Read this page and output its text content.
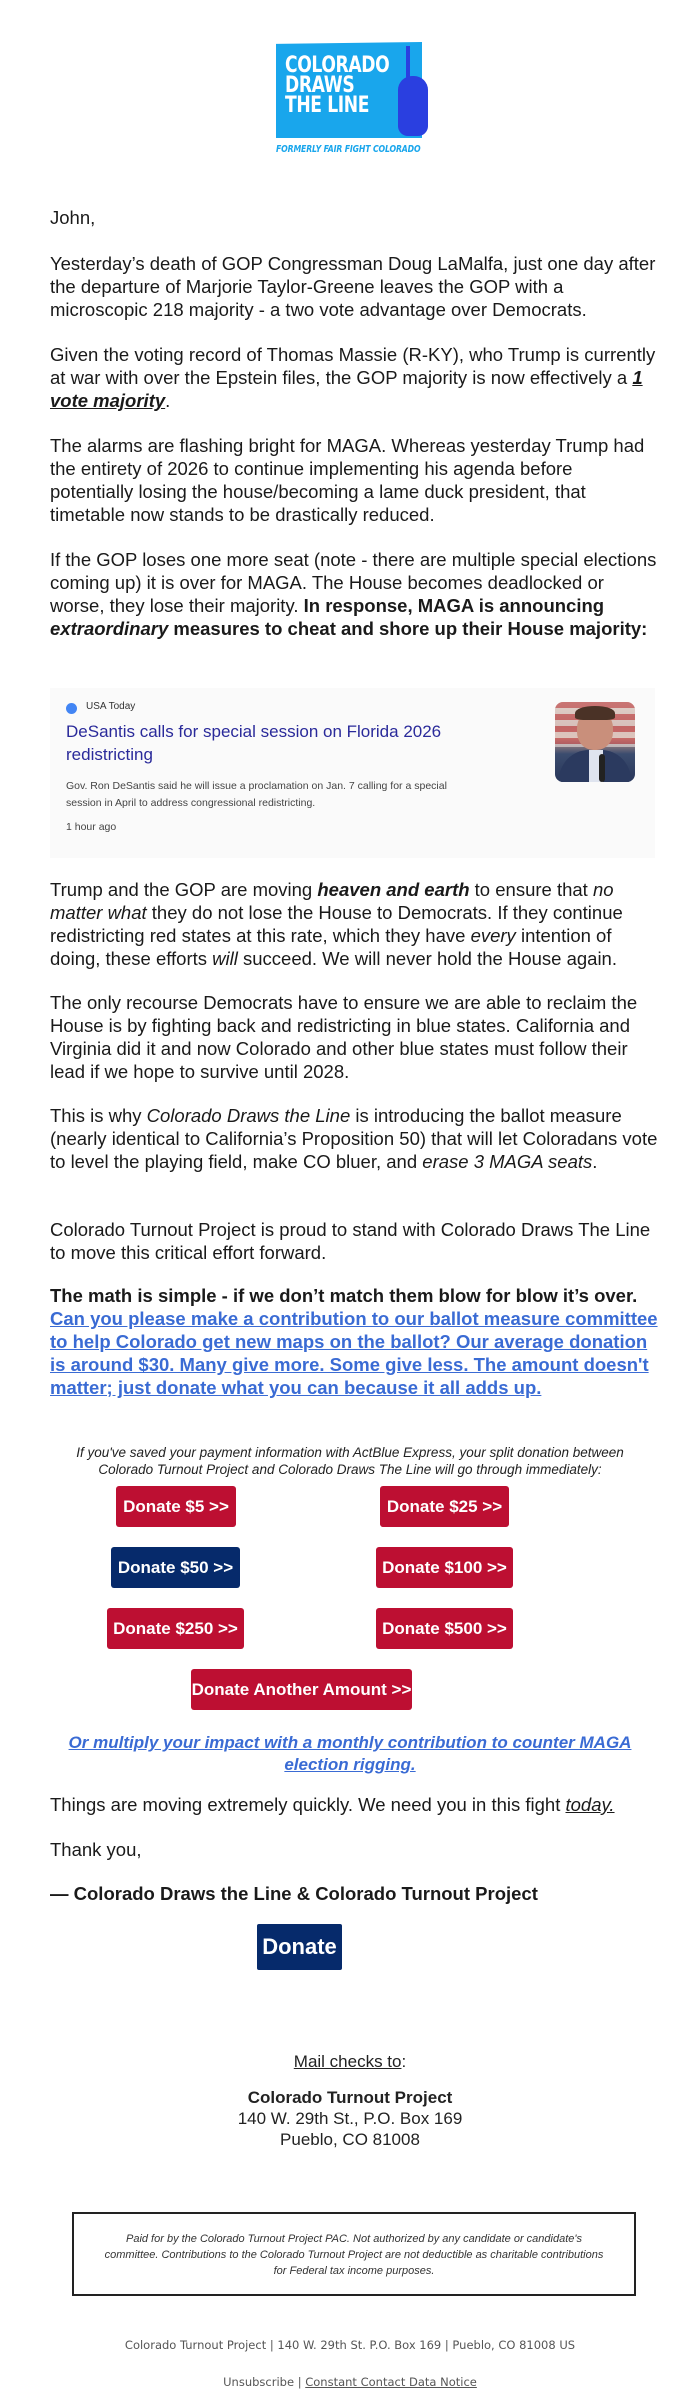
COLORADO
DRAWS
THE LINE
FORMERLY FAIR FIGHT COLORADO

John,

Yesterday’s death of GOP Congressman Doug LaMalfa, just one day after the departure of Marjorie Taylor-Greene leaves the GOP with a microscopic 218 majority - a two vote advantage over Democrats.

Given the voting record of Thomas Massie (R-KY), who Trump is currently at war with over the Epstein files, the GOP majority is now effectively a 1 vote majority.

The alarms are flashing bright for MAGA. Whereas yesterday Trump had the entirety of 2026 to continue implementing his agenda before potentially losing the house/becoming a lame duck president, that timetable now stands to be drastically reduced.

If the GOP loses one more seat (note - there are multiple special elections coming up) it is over for MAGA. The House becomes deadlocked or worse, they lose their majority. In response, MAGA is announcing extraordinary measures to cheat and shore up their House majority:

USA Today
DeSantis calls for special session on Florida 2026 redistricting
Gov. Ron DeSantis said he will issue a proclamation on Jan. 7 calling for a special session in April to address congressional redistricting.
1 hour ago

Trump and the GOP are moving heaven and earth to ensure that no matter what they do not lose the House to Democrats. If they continue redistricting red states at this rate, which they have every intention of doing, these efforts will succeed. We will never hold the House again.

The only recourse Democrats have to ensure we are able to reclaim the House is by fighting back and redistricting in blue states. California and Virginia did it and now Colorado and other blue states must follow their lead if we hope to survive until 2028.

This is why Colorado Draws the Line is introducing the ballot measure (nearly identical to California’s Proposition 50) that will let Coloradans vote to level the playing field, make CO bluer, and erase 3 MAGA seats.

Colorado Turnout Project is proud to stand with Colorado Draws The Line to move this critical effort forward.

The math is simple - if we don’t match them blow for blow it’s over. Can you please make a contribution to our ballot measure committee to help Colorado get new maps on the ballot? Our average donation is around $30. Many give more. Some give less. The amount doesn't matter; just donate what you can because it all adds up.

If you've saved your payment information with ActBlue Express, your split donation between Colorado Turnout Project and Colorado Draws The Line will go through immediately:

Donate $5 >>	Donate $25 >>
Donate $50 >>	Donate $100 >>
Donate $250 >>	Donate $500 >>
Donate Another Amount >>

Or multiply your impact with a monthly contribution to counter MAGA election rigging.

Things are moving extremely quickly. We need you in this fight today.

Thank you,

— Colorado Draws the Line & Colorado Turnout Project

Donate

Mail checks to:

Colorado Turnout Project

140 W. 29th St., P.O. Box 169

Pueblo, CO 81008

Paid for by the Colorado Turnout Project PAC. Not authorized by any candidate or candidate's committee. Contributions to the Colorado Turnout Project are not deductible as charitable contributions for Federal tax income purposes.

Colorado Turnout Project | 140 W. 29th St. P.O. Box 169 | Pueblo, CO 81008 US

Unsubscribe | Constant Contact Data Notice
